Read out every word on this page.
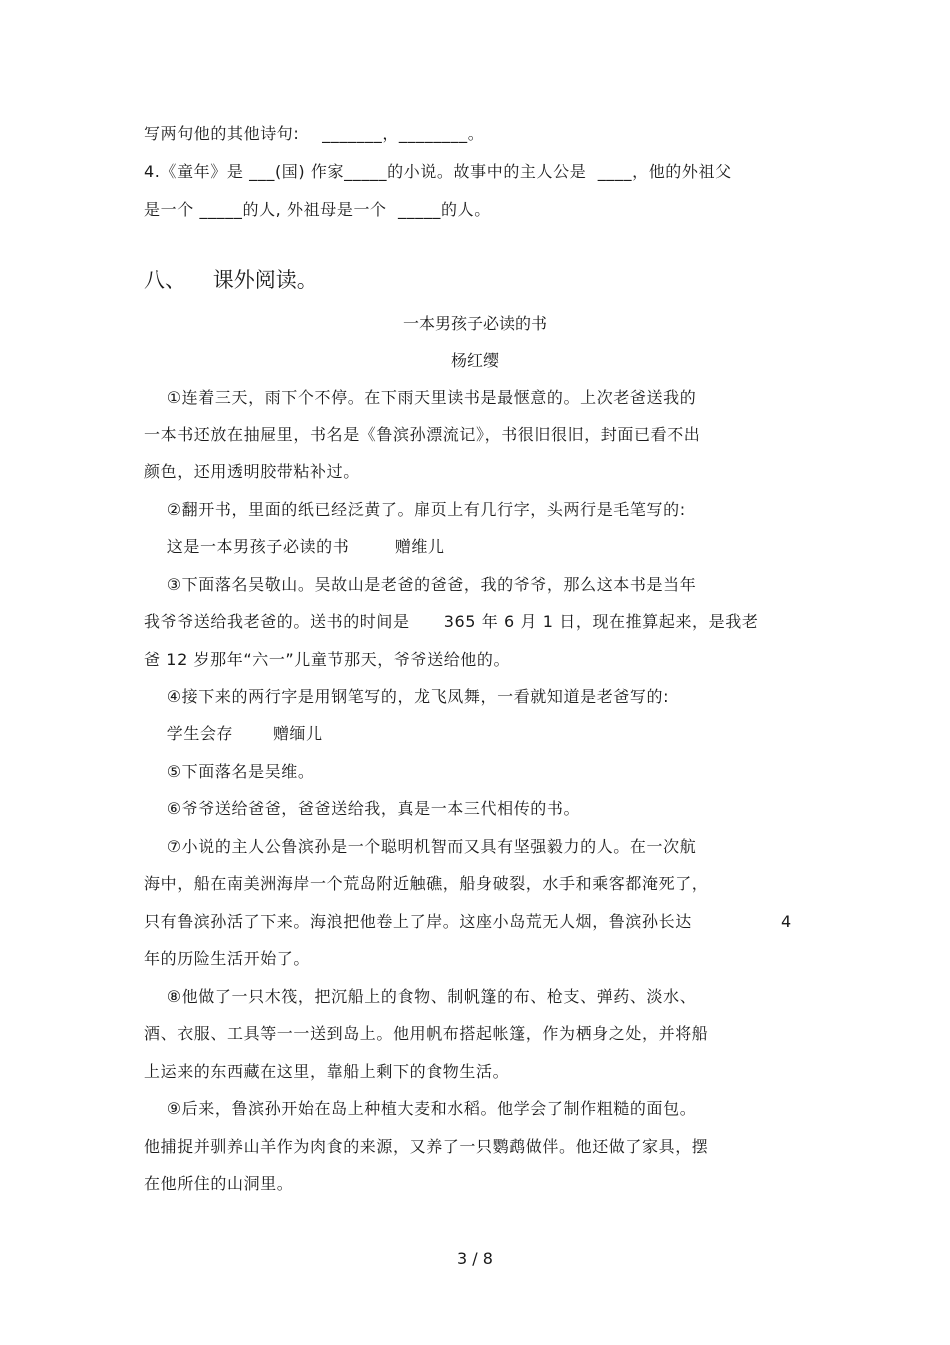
写两句他的其他诗句:    _______，________。
4.《童年》是 ___(国) 作家_____的小说。故事中的主人公是  ____，他的外祖父
是一个 _____的人, 外祖母是一个  _____的人。
八、    课外阅读。
一本男孩子必读的书
杨红缨
①连着三天，雨下个不停。在下雨天里读书是最惬意的。上次老爸送我的
一本书还放在抽屉里，书名是《鲁滨孙漂流记》，书很旧很旧，封面已看不出
颜色，还用透明胶带粘补过。
②翻开书，里面的纸已经泛黄了。扉页上有几行字，头两行是毛笔写的:
这是一本男孩子必读的书        赠维儿
③下面落名吴敬山。吴故山是老爸的爸爸，我的爷爷，那么这本书是当年
我爷爷送给我老爸的。送书的时间是      365 年 6 月 1 日，现在推算起来，是我老
爸 12 岁那年“六一”儿童节那天，爷爷送给他的。
④接下来的两行字是用钢笔写的，龙飞凤舞，一看就知道是老爸写的:
学生会存       赠缅儿
⑤下面落名是吴维。
⑥爷爷送给爸爸，爸爸送给我，真是一本三代相传的书。
⑦小说的主人公鲁滨孙是一个聪明机智而又具有坚强毅力的人。在一次航
海中，船在南美洲海岸一个荒岛附近触礁，船身破裂，水手和乘客都淹死了，
只有鲁滨孙活了下来。海浪把他卷上了岸。这座小岛荒无人烟，鲁滨孙长达	4
年的历险生活开始了。
⑧他做了一只木筏，把沉船上的食物、制帆篷的布、枪支、弹药、淡水、
酒、衣服、工具等一一送到岛上。他用帆布搭起帐篷，作为栖身之处，并将船
上运来的东西藏在这里，靠船上剩下的食物生活。
⑨后来，鲁滨孙开始在岛上种植大麦和水稻。他学会了制作粗糙的面包。
他捕捉并驯养山羊作为肉食的来源，又养了一只鹦鹉做伴。他还做了家具，摆
在他所住的山洞里。
3 / 8
